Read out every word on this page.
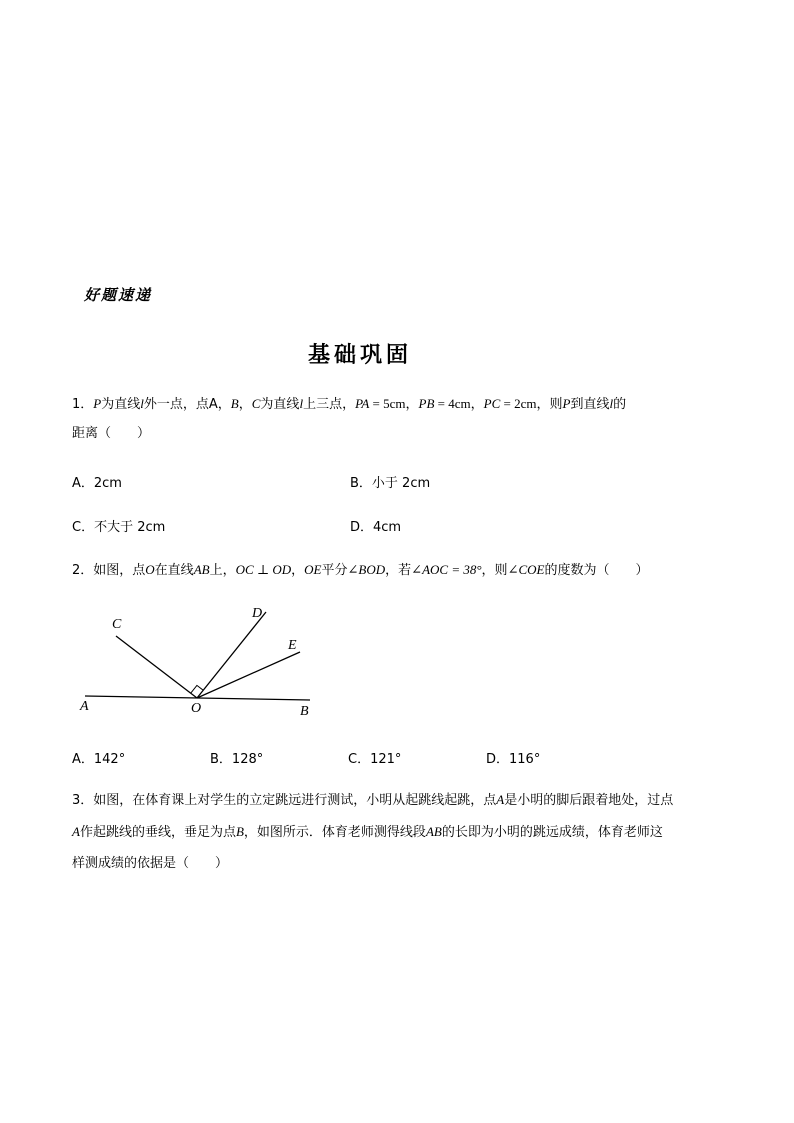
好题速递
基础巩固
1．P为直线l外一点，点A，B，C为直线l上三点，PA = 5cm，PB = 4cm，PC = 2cm，则P到直线l的
距离（　　）
A．2cm	B．小于 2cm
C．不大于 2cm	D．4cm
2．如图，点O在直线AB上，OC ⊥ OD，OE平分∠BOD，若∠AOC = 38°，则∠COE的度数为（　　）
C
D
E
A	O	B
A．142°	B．128°	C．121°	D．116°
3．如图，在体育课上对学生的立定跳远进行测试，小明从起跳线起跳，点A是小明的脚后跟着地处，过点
A作起跳线的垂线，垂足为点B，如图所示．体育老师测得线段AB的长即为小明的跳远成绩，体育老师这
样测成绩的依据是（　　）
